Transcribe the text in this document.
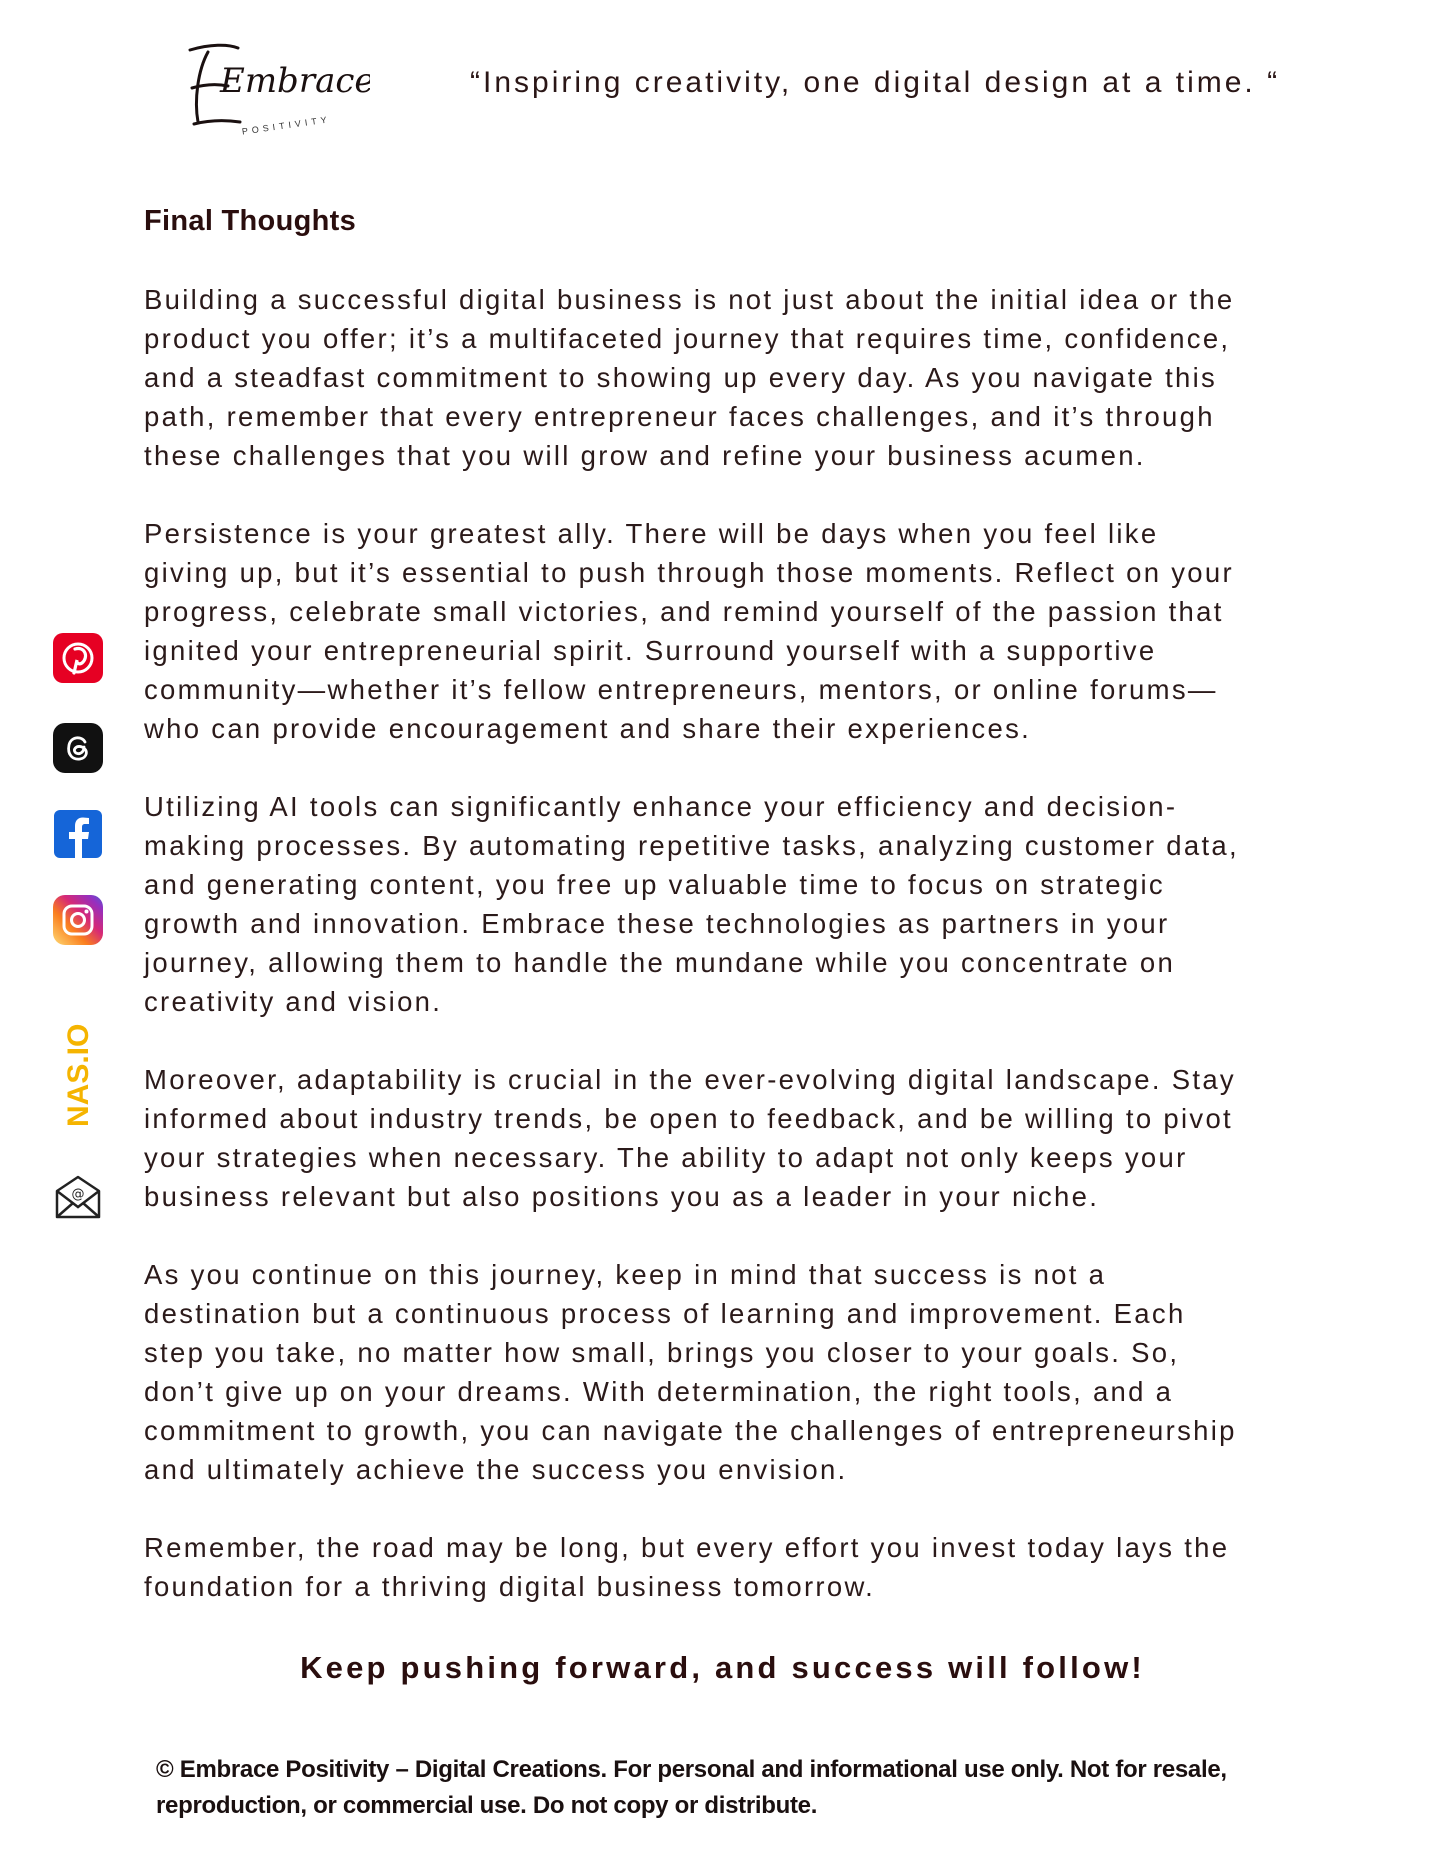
Embrace
POSITIVITY
“Inspiring creativity, one digital design at a time. “
Final Thoughts

Building a successful digital business is not just about the initial idea or the
product you offer; it’s a multifaceted journey that requires time, confidence,
and a steadfast commitment to showing up every day. As you navigate this
path, remember that every entrepreneur faces challenges, and it’s through
these challenges that you will grow and refine your business acumen.

Persistence is your greatest ally. There will be days when you feel like
giving up, but it’s essential to push through those moments. Reflect on your
progress, celebrate small victories, and remind yourself of the passion that
ignited your entrepreneurial spirit. Surround yourself with a supportive
community—whether it’s fellow entrepreneurs, mentors, or online forums—
who can provide encouragement and share their experiences.

Utilizing AI tools can significantly enhance your efficiency and decision-
making processes. By automating repetitive tasks, analyzing customer data,
and generating content, you free up valuable time to focus on strategic
growth and innovation. Embrace these technologies as partners in your
journey, allowing them to handle the mundane while you concentrate on
creativity and vision.

Moreover, adaptability is crucial in the ever-evolving digital landscape. Stay
informed about industry trends, be open to feedback, and be willing to pivot
your strategies when necessary. The ability to adapt not only keeps your
business relevant but also positions you as a leader in your niche.

As you continue on this journey, keep in mind that success is not a
destination but a continuous process of learning and improvement. Each
step you take, no matter how small, brings you closer to your goals. So,
don’t give up on your dreams. With determination, the right tools, and a
commitment to growth, you can navigate the challenges of entrepreneurship
and ultimately achieve the success you envision.

Remember, the road may be long, but every effort you invest today lays the
foundation for a thriving digital business tomorrow.

Keep pushing forward, and success will follow!

© Embrace Positivity – Digital Creations. For personal and informational use only. Not for resale, reproduction, or commercial use. Do not copy or distribute.
NAS.IO
@
